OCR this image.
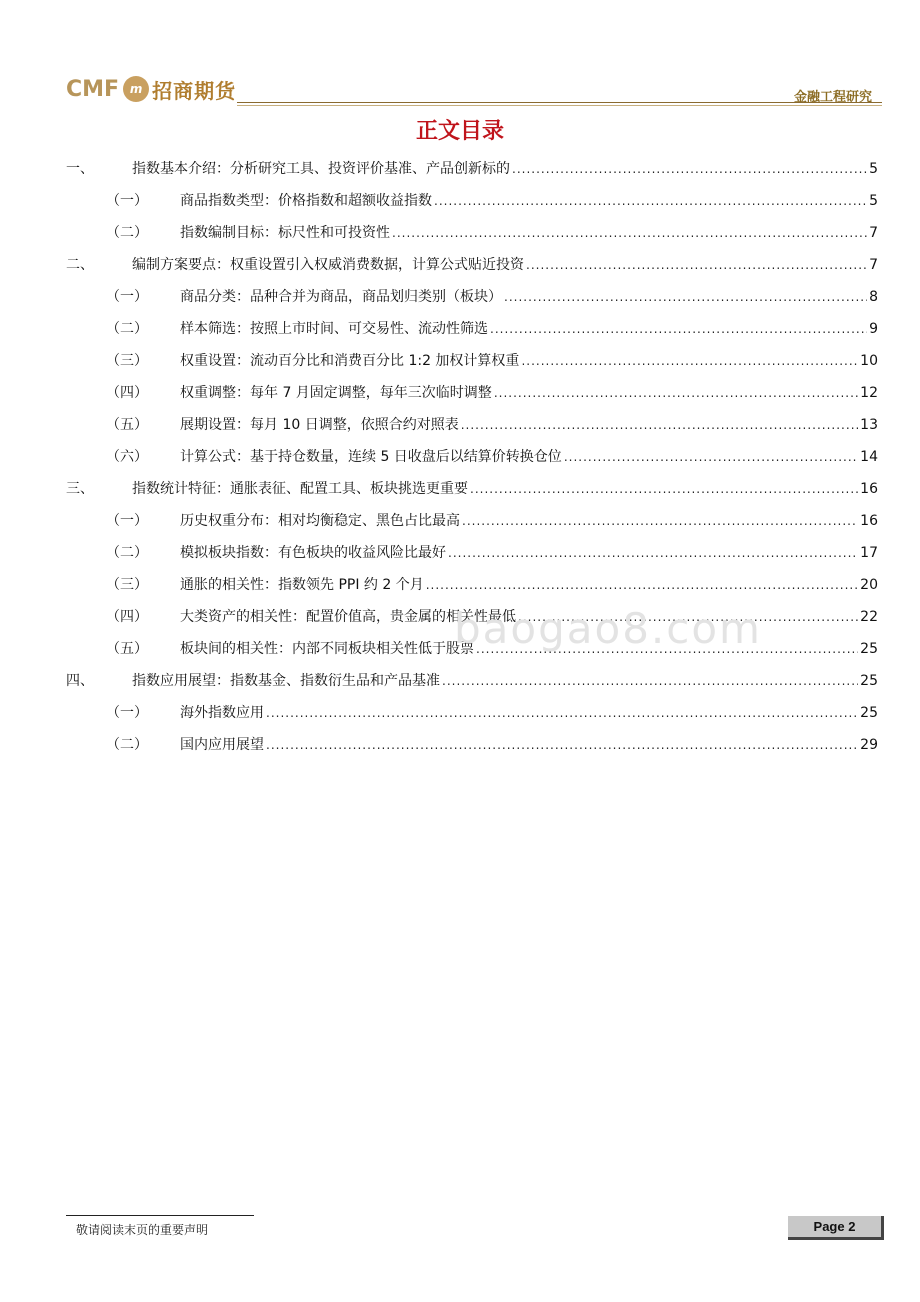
CMF m 招商期货	金融工程研究
正文目录
一、	指数基本介绍：分析研究工具、投资评价基准、产品创新标的 .....	5
（一）	商品指数类型：价格指数和超额收益指数 .....	5
（二）	指数编制目标：标尺性和可投资性 .....	7
二、	编制方案要点：权重设置引入权威消费数据，计算公式贴近投资 .....	7
（一）	商品分类：品种合并为商品，商品划归类别（板块） .....	8
（二）	样本筛选：按照上市时间、可交易性、流动性筛选 .....	9
（三）	权重设置：流动百分比和消费百分比 1:2 加权计算权重 .....	10
（四）	权重调整：每年 7 月固定调整，每年三次临时调整 .....	12
（五）	展期设置：每月 10 日调整，依照合约对照表 .....	13
（六）	计算公式：基于持仓数量，连续 5 日收盘后以结算价转换仓位 .....	14
三、	指数统计特征：通胀表征、配置工具、板块挑选更重要 .....	16
（一）	历史权重分布：相对均衡稳定、黑色占比最高 .....	16
（二）	模拟板块指数：有色板块的收益风险比最好 .....	17
（三）	通胀的相关性：指数领先 PPI 约 2 个月 .....	20
（四）	大类资产的相关性：配置价值高，贵金属的相关性最低 .....	22
（五）	板块间的相关性：内部不同板块相关性低于股票 .....	25
四、	指数应用展望：指数基金、指数衍生品和产品基准 .....	25
（一）	海外指数应用 .....	25
（二）	国内应用展望 .....	29
baogao8.com
敬请阅读末页的重要声明	Page 2
